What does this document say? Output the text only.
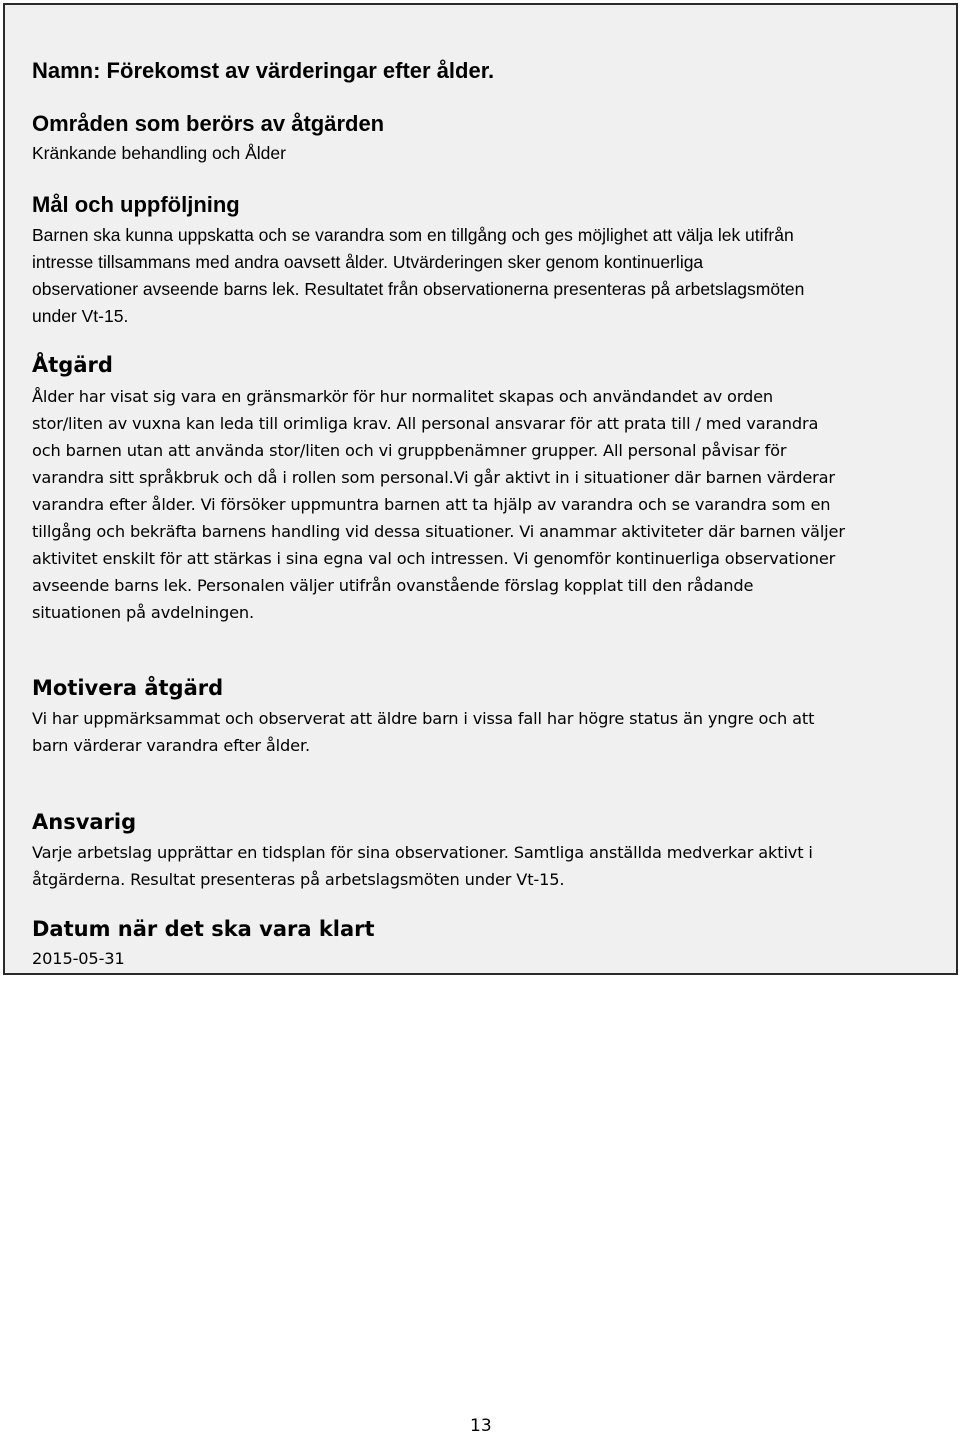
Namn: Förekomst av värderingar efter ålder.
Områden som berörs av åtgärden

Kränkande behandling och Ålder

Mål och uppföljning
Barnen ska kunna uppskatta och se varandra som en tillgång och ges möjlighet att välja lek utifrån
intresse tillsammans med andra oavsett ålder. Utvärderingen sker genom kontinuerliga
observationer avseende barns lek. Resultatet från observationerna presenteras på arbetslagsmöten
under Vt-15.
Åtgärd
Ålder har visat sig vara en gränsmarkör för hur normalitet skapas och användandet av orden
stor/liten av vuxna kan leda till orimliga krav. All personal ansvarar för att prata till / med varandra
och barnen utan att använda stor/liten och vi gruppbenämner grupper. All personal påvisar för
varandra sitt språkbruk och då i rollen som personal.Vi går aktivt in i situationer där barnen värderar
varandra efter ålder. Vi försöker uppmuntra barnen att ta hjälp av varandra och se varandra som en
tillgång och bekräfta barnens handling vid dessa situationer. Vi anammar aktiviteter där barnen väljer
aktivitet enskilt för att stärkas i sina egna val och intressen. Vi genomför kontinuerliga observationer
avseende barns lek. Personalen väljer utifrån ovanstående förslag kopplat till den rådande
situationen på avdelningen.
Motivera åtgärd
Vi har uppmärksammat och observerat att äldre barn i vissa fall har högre status än yngre och att
barn värderar varandra efter ålder.
Ansvarig
Varje arbetslag upprättar en tidsplan för sina observationer. Samtliga anställda medverkar aktivt i
åtgärderna. Resultat presenteras på arbetslagsmöten under Vt-15.
Datum när det ska vara klart

2015-05-31

13
